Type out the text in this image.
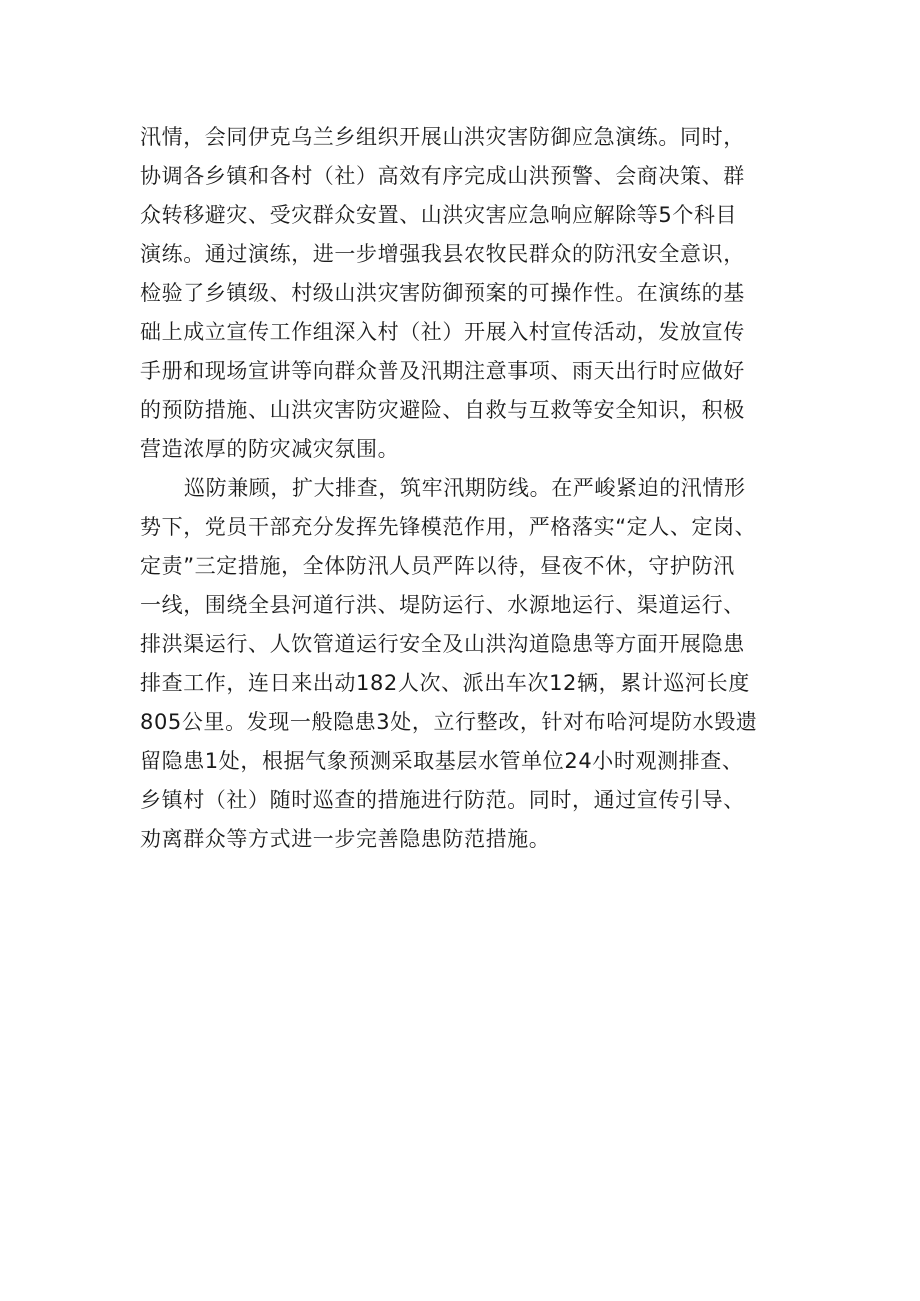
汛情，会同伊克乌兰乡组织开展山洪灾害防御应急演练。同时，
协调各乡镇和各村（社）高效有序完成山洪预警、会商决策、群
众转移避灾、受灾群众安置、山洪灾害应急响应解除等5个科目
演练。通过演练，进一步增强我县农牧民群众的防汛安全意识，
检验了乡镇级、村级山洪灾害防御预案的可操作性。在演练的基
础上成立宣传工作组深入村（社）开展入村宣传活动，发放宣传
手册和现场宣讲等向群众普及汛期注意事项、雨天出行时应做好
的预防措施、山洪灾害防灾避险、自救与互救等安全知识，积极
营造浓厚的防灾减灾氛围。
巡防兼顾，扩大排查，筑牢汛期防线。在严峻紧迫的汛情形
势下，党员干部充分发挥先锋模范作用，严格落实“定人、定岗、
定责”三定措施，全体防汛人员严阵以待，昼夜不休，守护防汛
一线，围绕全县河道行洪、堤防运行、水源地运行、渠道运行、
排洪渠运行、人饮管道运行安全及山洪沟道隐患等方面开展隐患
排查工作，连日来出动182人次、派出车次12辆，累计巡河长度
805公里。发现一般隐患3处，立行整改，针对布哈河堤防水毁遗
留隐患1处，根据气象预测采取基层水管单位24小时观测排查、
乡镇村（社）随时巡查的措施进行防范。同时，通过宣传引导、
劝离群众等方式进一步完善隐患防范措施。
